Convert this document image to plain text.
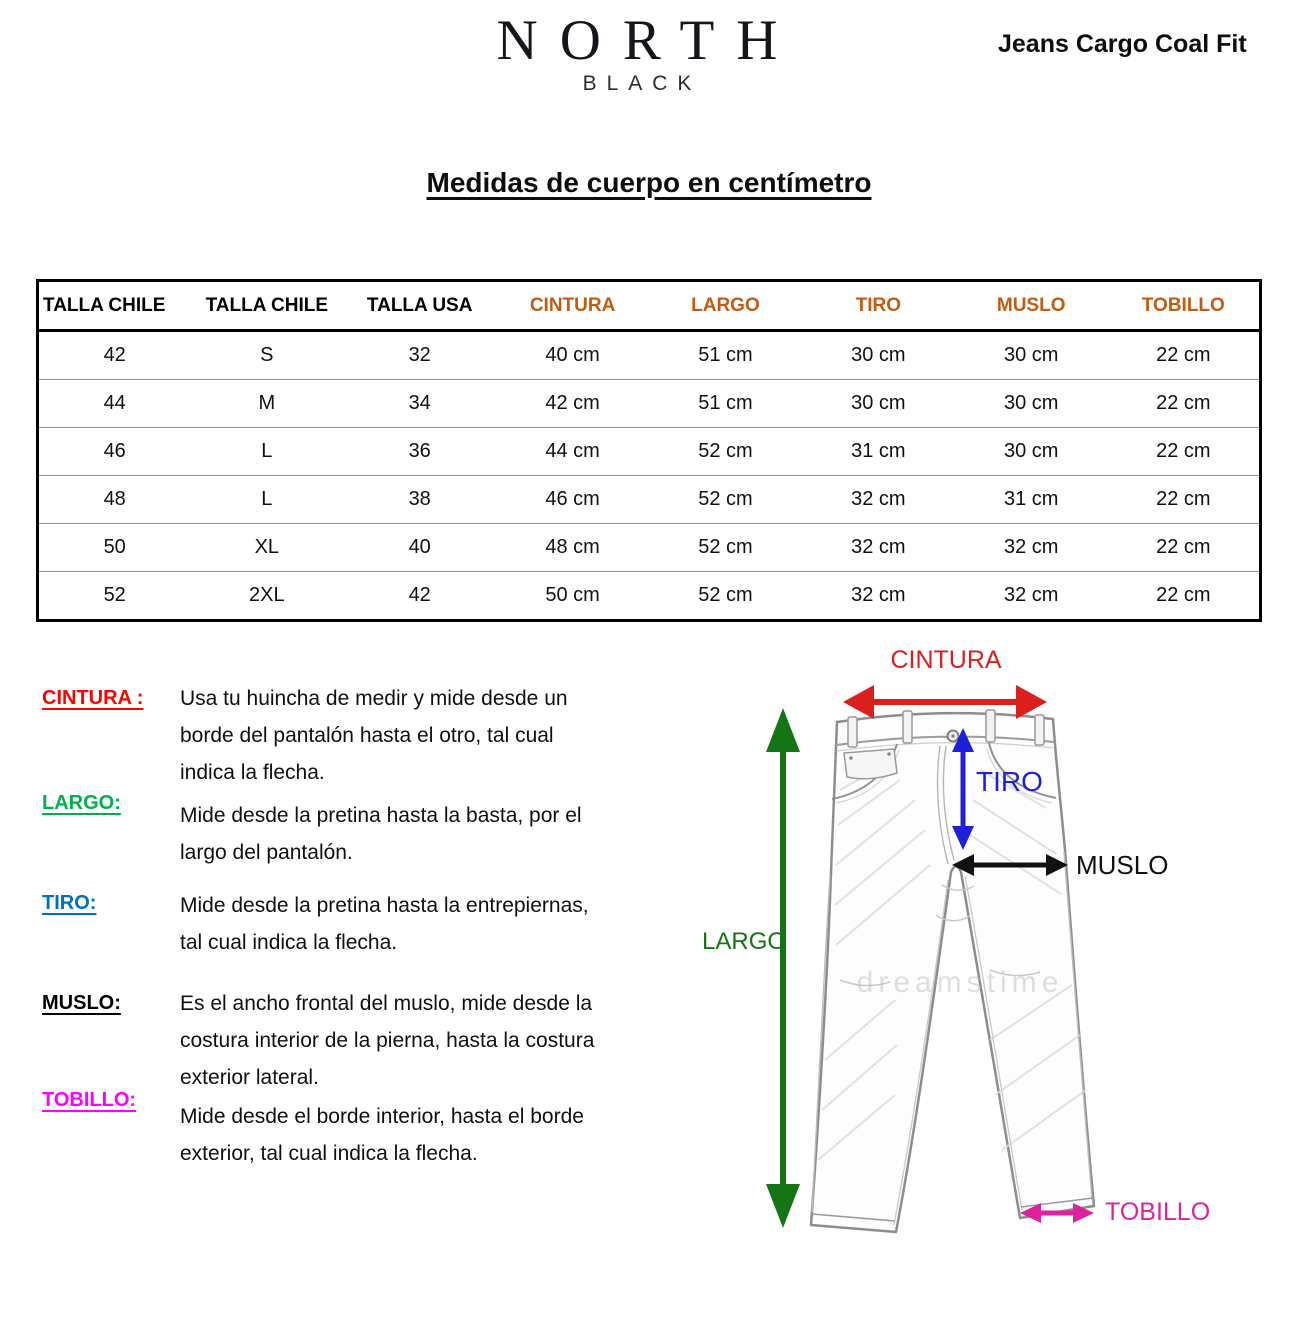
NORTH
BLACK
Jeans Cargo Coal Fit
Medidas de cuerpo en centímetro
TALLA CHILE	TALLA CHILE	TALLA USA	CINTURA	LARGO	TIRO	MUSLO	TOBILLO
42	S	32	40 cm	51 cm	30 cm	30 cm	22 cm
44	M	34	42 cm	51 cm	30 cm	30 cm	22 cm
46	L	36	44 cm	52 cm	31 cm	30 cm	22 cm
48	L	38	46 cm	52 cm	32 cm	31 cm	22 cm
50	XL	40	48 cm	52 cm	32 cm	32 cm	22 cm
52	2XL	42	50 cm	52 cm	32 cm	32 cm	22 cm
CINTURA : Usa tu huincha de medir y mide desde un
borde del pantalón hasta el otro, tal cual
indica la flecha.
LARGO:
Mide desde la pretina hasta la basta, por el
largo del pantalón.
TIRO:	Mide desde la pretina hasta la entrepiernas,
tal cual indica la flecha.
MUSLO:	Es el ancho frontal del muslo, mide desde la
costura interior de la pierna, hasta la costura
exterior lateral.
TOBILLO:
Mide desde el borde interior, hasta el borde
exterior, tal cual indica la flecha.
dreamstime
CINTURA
LARGO
TIRO
MUSLO
TOBILLO
